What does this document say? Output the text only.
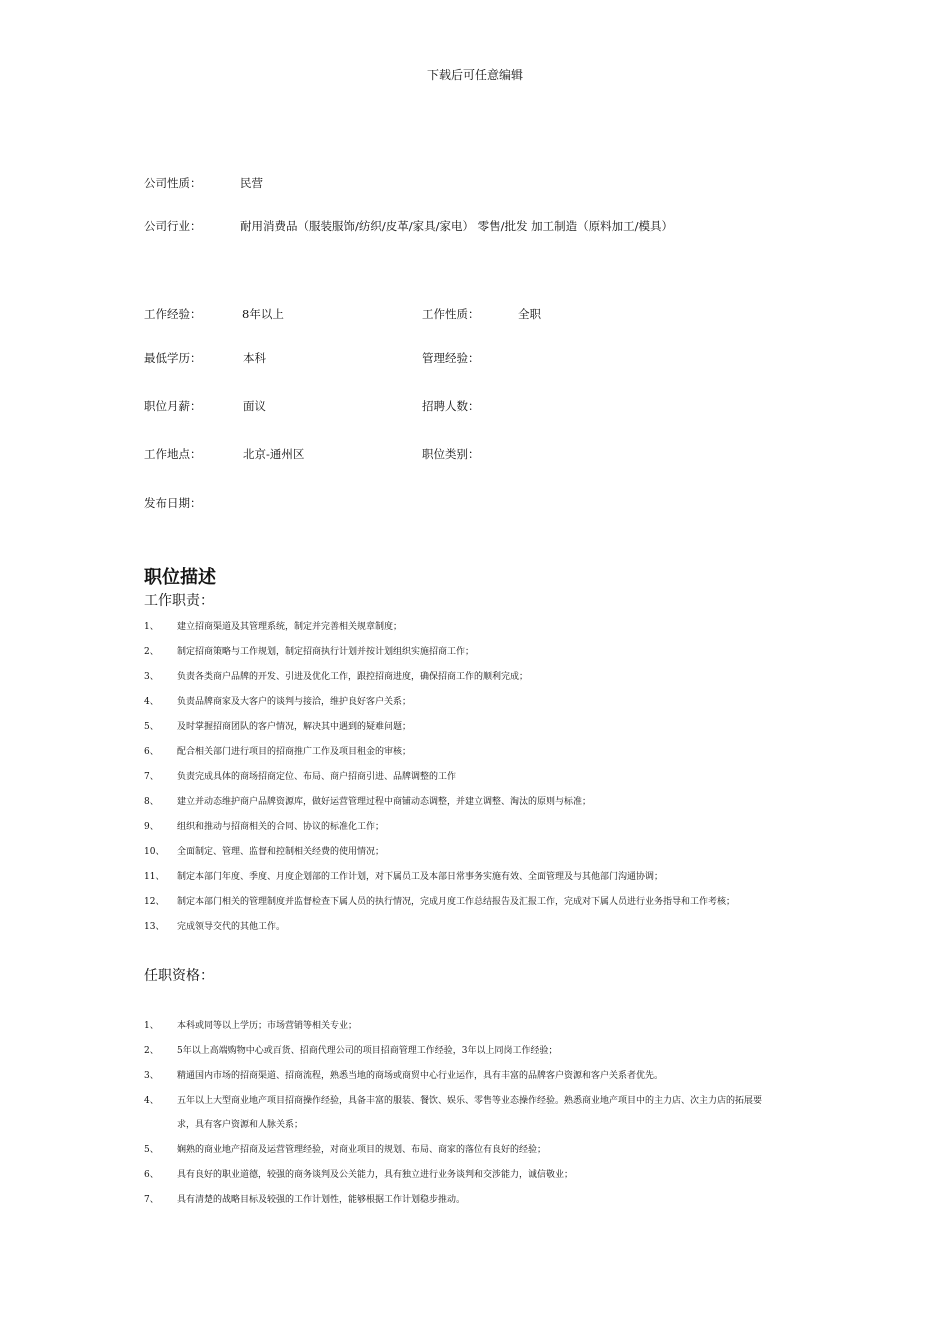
下载后可任意编辑
公司性质：	民营
公司行业：	耐用消费品（服装服饰/纺织/皮革/家具/家电） 零售/批发 加工制造（原料加工/模具）
工作经验：	8年以上	工作性质：	全职
最低学历：	本科	管理经验：
职位月薪：	面议	招聘人数：
工作地点：	北京-通州区	职位类别：
发布日期：
职位描述
工作职责：
1、 建立招商渠道及其管理系统，制定并完善相关规章制度；
2、 制定招商策略与工作规划，制定招商执行计划并按计划组织实施招商工作；
3、 负责各类商户品牌的开发、引进及优化工作，跟控招商进度，确保招商工作的顺利完成；
4、 负责品牌商家及大客户的谈判与接洽，维护良好客户关系；
5、 及时掌握招商团队的客户情况，解决其中遇到的疑难问题；
6、 配合相关部门进行项目的招商推广工作及项目租金的审核；
7、 负责完成具体的商场招商定位、布局、商户招商引进、品牌调整的工作
8、 建立并动态维护商户品牌资源库，做好运营管理过程中商铺动态调整，并建立调整、淘汰的原则与标准；
9、 组织和推动与招商相关的合同、协议的标准化工作；
10、 全面制定、管理、监督和控制相关经费的使用情况；
11、 制定本部门年度、季度、月度企划部的工作计划，对下属员工及本部日常事务实施有效、全面管理及与其他部门沟通协调；
12、 制定本部门相关的管理制度并监督检查下属人员的执行情况，完成月度工作总结报告及汇报工作，完成对下属人员进行业务指导和工作考核；
13、 完成领导交代的其他工作。
任职资格：
1、 本科或同等以上学历；市场营销等相关专业；
2、 5年以上高端购物中心或百货、招商代理公司的项目招商管理工作经验，3年以上同岗工作经验；
3、 精通国内市场的招商渠道、招商流程，熟悉当地的商场或商贸中心行业运作，具有丰富的品牌客户资源和客户关系者优先。
4、 五年以上大型商业地产项目招商操作经验，具备丰富的服装、餐饮、娱乐、零售等业态操作经验。熟悉商业地产项目中的主力店、次主力店的拓展要
求，具有客户资源和人脉关系；
5、 娴熟的商业地产招商及运营管理经验，对商业项目的规划、布局、商家的落位有良好的经验；
6、 具有良好的职业道德，较强的商务谈判及公关能力，具有独立进行业务谈判和交涉能力，诚信敬业；
7、 具有清楚的战略目标及较强的工作计划性，能够根据工作计划稳步推动。
